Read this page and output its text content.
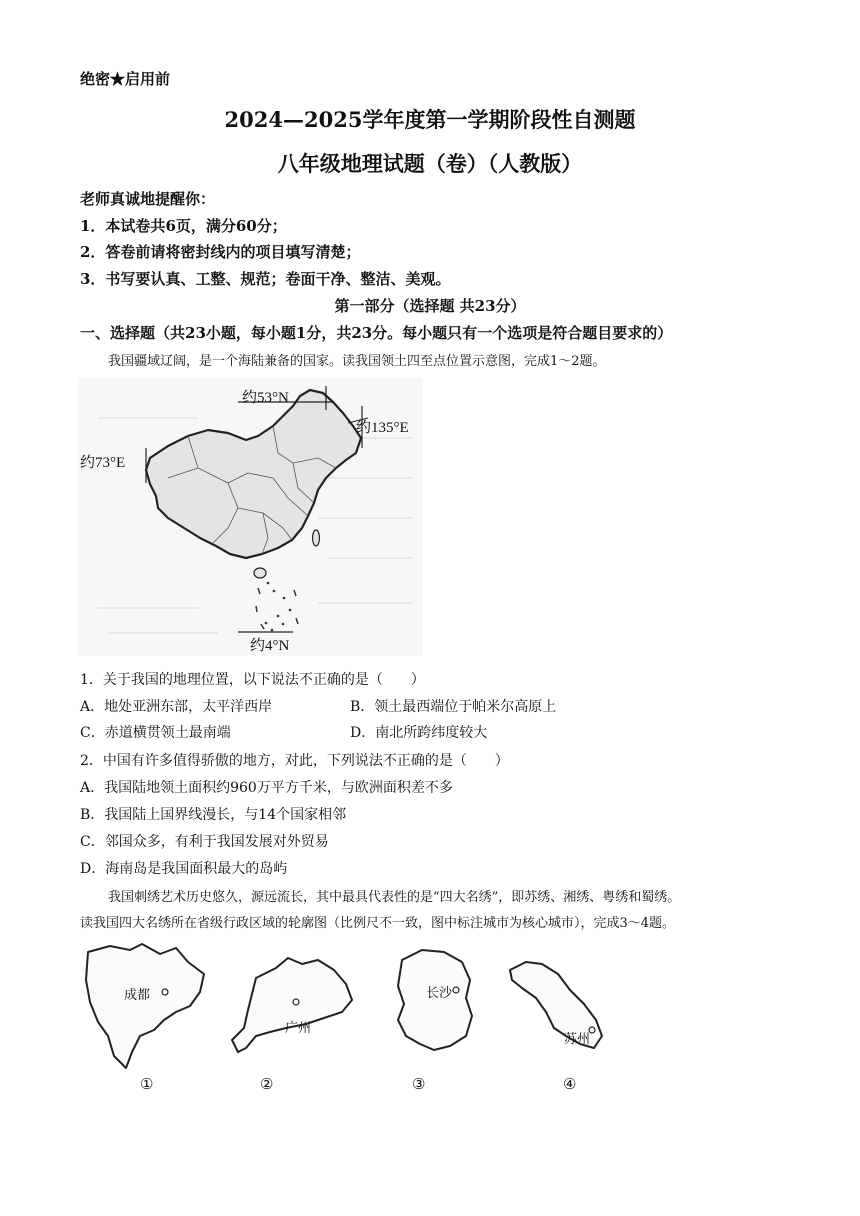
绝密★启用前
2024—2025学年度第一学期阶段性自测题
八年级地理试题（卷）（人教版）
老师真诚地提醒你：
1．本试卷共6页，满分60分；
2．答卷前请将密封线内的项目填写清楚；
3．书写要认真、工整、规范；卷面干净、整洁、美观。
第一部分（选择题 共23分）
一、选择题（共23小题，每小题1分，共23分。每小题只有一个选项是符合题目要求的）
我国疆域辽阔，是一个海陆兼备的国家。读我国领土四至点位置示意图，完成1～2题。
约53°N
约135°E
约73°E
约4°N
1．关于我国的地理位置，以下说法不正确的是（　　）
A．地处亚洲东部，太平洋西岸	B．领土最西端位于帕米尔高原上
C．赤道横贯领土最南端	D．南北所跨纬度较大
2．中国有许多值得骄傲的地方，对此，下列说法不正确的是（　　）
A．我国陆地领土面积约960万平方千米，与欧洲面积差不多
B．我国陆上国界线漫长，与14个国家相邻
C．邻国众多，有利于我国发展对外贸易
D．海南岛是我国面积最大的岛屿
我国刺绣艺术历史悠久，源远流长，其中最具代表性的是“四大名绣”，即苏绣、湘绣、粤绣和蜀绣。
读我国四大名绣所在省级行政区域的轮廓图（比例尺不一致，图中标注城市为核心城市），完成3～4题。
成都
广州
长沙
苏州
①	②	③	④
